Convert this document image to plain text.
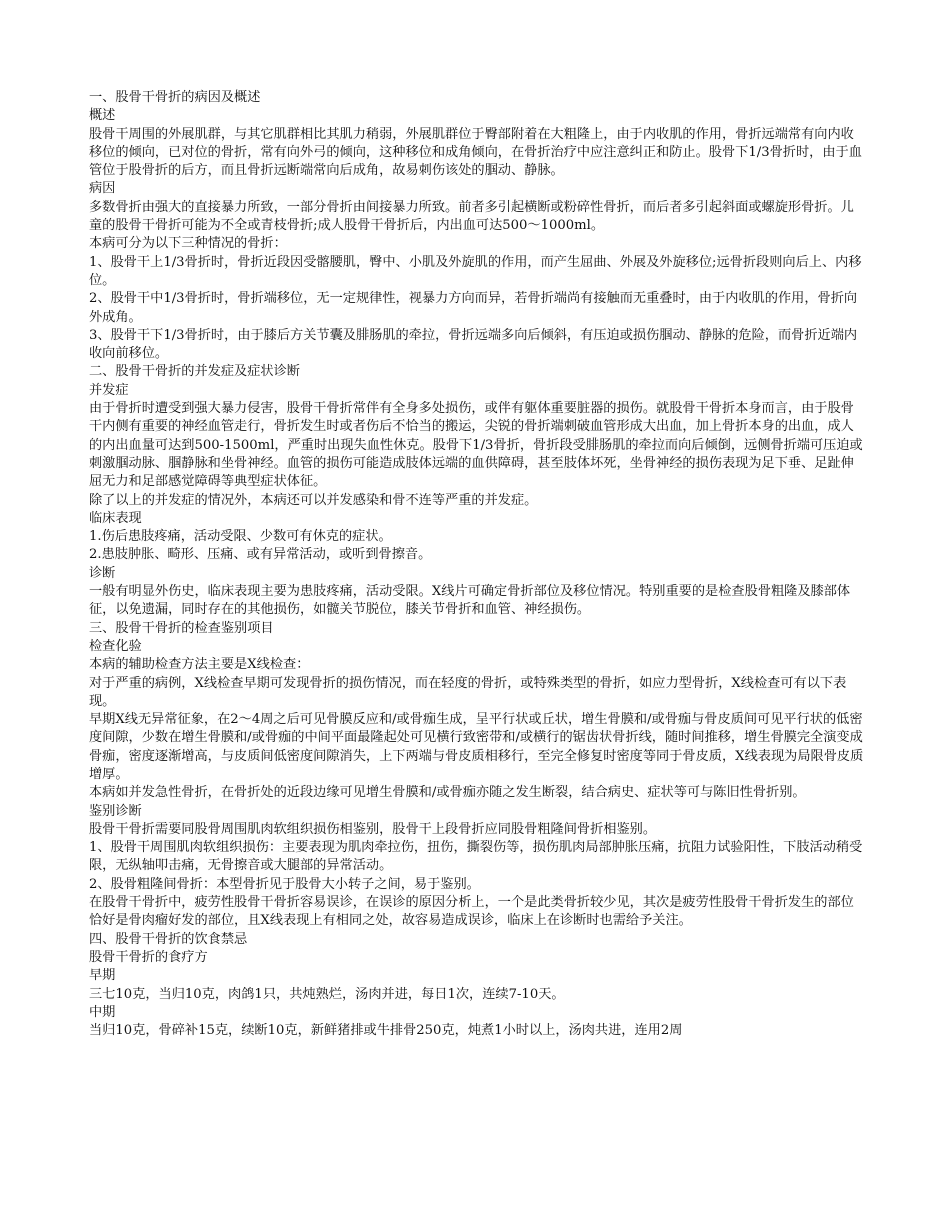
一、股骨干骨折的病因及概述
概述
股骨干周围的外展肌群，与其它肌群相比其肌力稍弱，外展肌群位于臀部附着在大粗隆上，由于内收肌的作用，骨折远端常有向内收移位的倾向，已对位的骨折，常有向外弓的倾向，这种移位和成角倾向，在骨折治疗中应注意纠正和防止。股骨下1/3骨折时，由于血管位于股骨折的后方，而且骨折远断端常向后成角，故易刺伤该处的腘动、静脉。
病因
多数骨折由强大的直接暴力所致，一部分骨折由间接暴力所致。前者多引起横断或粉碎性骨折，而后者多引起斜面或螺旋形骨折。儿童的股骨干骨折可能为不全或青枝骨折;成人股骨干骨折后，内出血可达500～1000ml。
本病可分为以下三种情况的骨折：
1、股骨干上1/3骨折时，骨折近段因受髂腰肌，臀中、小肌及外旋肌的作用，而产生屈曲、外展及外旋移位;远骨折段则向后上、内移位。
2、股骨干中1/3骨折时，骨折端移位，无一定规律性，视暴力方向而异，若骨折端尚有接触而无重叠时，由于内收肌的作用，骨折向外成角。
3、股骨干下1/3骨折时，由于膝后方关节囊及腓肠肌的牵拉，骨折远端多向后倾斜，有压迫或损伤腘动、静脉的危险，而骨折近端内收向前移位。
二、股骨干骨折的并发症及症状诊断
并发症
由于骨折时遭受到强大暴力侵害，股骨干骨折常伴有全身多处损伤，或伴有躯体重要脏器的损伤。就股骨干骨折本身而言，由于股骨干内侧有重要的神经血管走行，骨折发生时或者伤后不恰当的搬运，尖锐的骨折端刺破血管形成大出血，加上骨折本身的出血，成人的内出血量可达到500-1500ml，严重时出现失血性休克。股骨下1/3骨折，骨折段受腓肠肌的牵拉而向后倾倒，远侧骨折端可压迫或刺激腘动脉、腘静脉和坐骨神经。血管的损伤可能造成肢体远端的血供障碍，甚至肢体坏死，坐骨神经的损伤表现为足下垂、足趾伸屈无力和足部感觉障碍等典型症状体征。
除了以上的并发症的情况外，本病还可以并发感染和骨不连等严重的并发症。
临床表现
1.伤后患肢疼痛，活动受限、少数可有休克的症状。
2.患肢肿胀、畸形、压痛、或有异常活动，或听到骨擦音。
诊断
一般有明显外伤史，临床表现主要为患肢疼痛，活动受限。X线片可确定骨折部位及移位情况。特别重要的是检查股骨粗隆及膝部体征，以免遗漏，同时存在的其他损伤，如髋关节脱位，膝关节骨折和血管、神经损伤。
三、股骨干骨折的检查鉴别项目
检查化验
本病的辅助检查方法主要是X线检查：
对于严重的病例，X线检查早期可发现骨折的损伤情况，而在轻度的骨折，或特殊类型的骨折，如应力型骨折，X线检查可有以下表现。
早期X线无异常征象，在2～4周之后可见骨膜反应和/或骨痂生成，呈平行状或丘状，增生骨膜和/或骨痂与骨皮质间可见平行状的低密度间隙，少数在增生骨膜和/或骨痂的中间平面最隆起处可见横行致密带和/或横行的锯齿状骨折线，随时间推移，增生骨膜完全演变成骨痂，密度逐渐增高，与皮质间低密度间隙消失，上下两端与骨皮质相移行，至完全修复时密度等同于骨皮质，X线表现为局限骨皮质增厚。
本病如并发急性骨折，在骨折处的近段边缘可见增生骨膜和/或骨痂亦随之发生断裂，结合病史、症状等可与陈旧性骨折别。
鉴别诊断
股骨干骨折需要同股骨周围肌肉软组织损伤相鉴别，股骨干上段骨折应同股骨粗隆间骨折相鉴别。
1、股骨干周围肌肉软组织损伤：主要表现为肌肉牵拉伤，扭伤，撕裂伤等，损伤肌肉局部肿胀压痛，抗阻力试验阳性，下肢活动稍受限，无纵轴叩击痛，无骨擦音或大腿部的异常活动。
2、股骨粗隆间骨折：本型骨折见于股骨大小转子之间，易于鉴别。
在股骨干骨折中，疲劳性股骨干骨折容易误诊，在误诊的原因分析上，一个是此类骨折较少见，其次是疲劳性股骨干骨折发生的部位恰好是骨肉瘤好发的部位，且X线表现上有相同之处，故容易造成误诊，临床上在诊断时也需给予关注。
四、股骨干骨折的饮食禁忌
股骨干骨折的食疗方
早期
三七10克，当归10克，肉鸽1只，共炖熟烂，汤肉并进，每日1次，连续7-10天。
中期
当归10克，骨碎补15克，续断10克，新鲜猪排或牛排骨250克，炖煮1小时以上，汤肉共进，连用2周
